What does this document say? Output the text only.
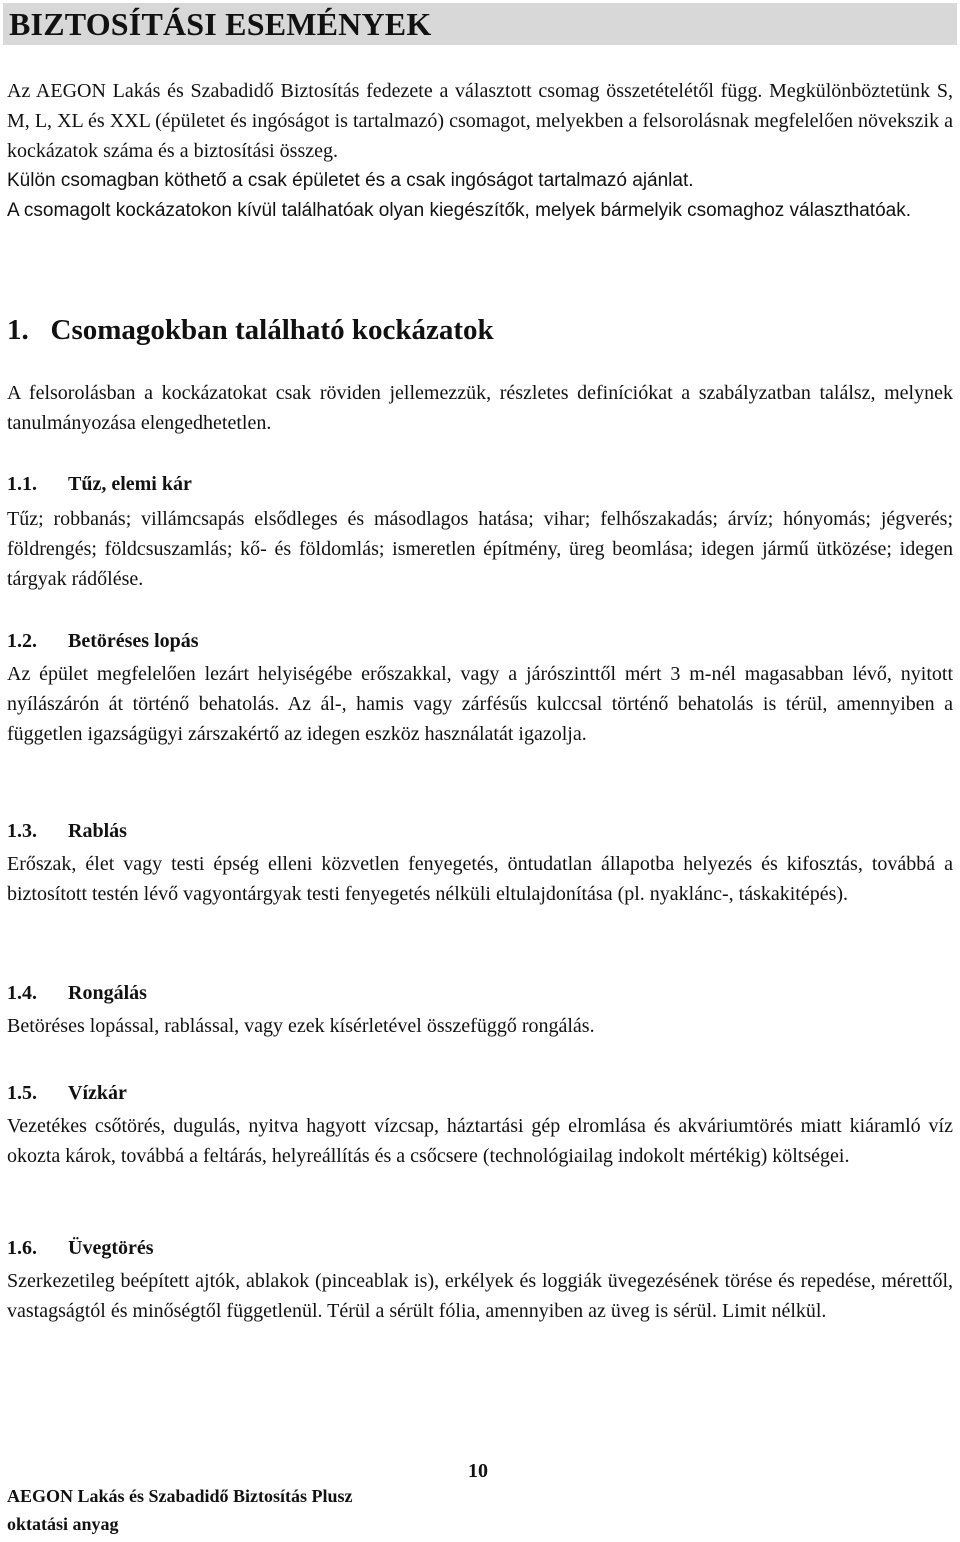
BIZTOSÍTÁSI ESEMÉNYEK

Az AEGON Lakás és Szabadidő Biztosítás fedezete a választott csomag összetételétől függ. Megkülönböztetünk S, M, L, XL és XXL (épületet és ingóságot is tartalmazó) csomagot, melyekben a felsorolásnak megfelelően növekszik a kockázatok száma és a biztosítási összeg.

Külön csomagban köthető a csak épületet és a csak ingóságot tartalmazó ajánlat.

A csomagolt kockázatokon kívül találhatóak olyan kiegészítők, melyek bármelyik csomaghoz választhatóak.

1.   Csomagokban található kockázatok

A felsorolásban a kockázatokat csak röviden jellemezzük, részletes definíciókat a szabályzatban találsz, melynek tanulmányozása elengedhetetlen.

1.1. Tűz, elemi kár

Tűz; robbanás; villámcsapás elsődleges és másodlagos hatása; vihar; felhőszakadás; árvíz; hónyomás; jégverés; földrengés; földcsuszamlás; kő- és földomlás; ismeretlen építmény, üreg beomlása; idegen jármű ütközése; idegen tárgyak rádőlése.

1.2. Betöréses lopás

Az épület megfelelően lezárt helyiségébe erőszakkal, vagy a járószinttől mért 3 m-nél magasabban lévő, nyitott nyílászárón át történő behatolás. Az ál-, hamis vagy zárfésűs kulccsal történő behatolás is térül, amennyiben a független igazságügyi zárszakértő az idegen eszköz használatát igazolja.

1.3. Rablás

Erőszak, élet vagy testi épség elleni közvetlen fenyegetés, öntudatlan állapotba helyezés és kifosztás, továbbá a biztosított testén lévő vagyontárgyak testi fenyegetés nélküli eltulajdonítása (pl. nyaklánc-, táskakitépés).

1.4. Rongálás

Betöréses lopással, rablással, vagy ezek kísérletével összefüggő rongálás.

1.5. Vízkár

Vezetékes csőtörés, dugulás, nyitva hagyott vízcsap, háztartási gép elromlása és akváriumtörés miatt kiáramló víz okozta károk, továbbá a feltárás, helyreállítás és a csőcsere (technológiailag indokolt mértékig) költségei.

1.6. Üvegtörés

Szerkezetileg beépített ajtók, ablakok (pinceablak is), erkélyek és loggiák üvegezésének törése és repedése, mérettől, vastagságtól és minőségtől függetlenül. Térül a sérült fólia, amennyiben az üveg is sérül. Limit nélkül.

10
AEGON Lakás és Szabadidő Biztosítás Plusz
oktatási anyag
